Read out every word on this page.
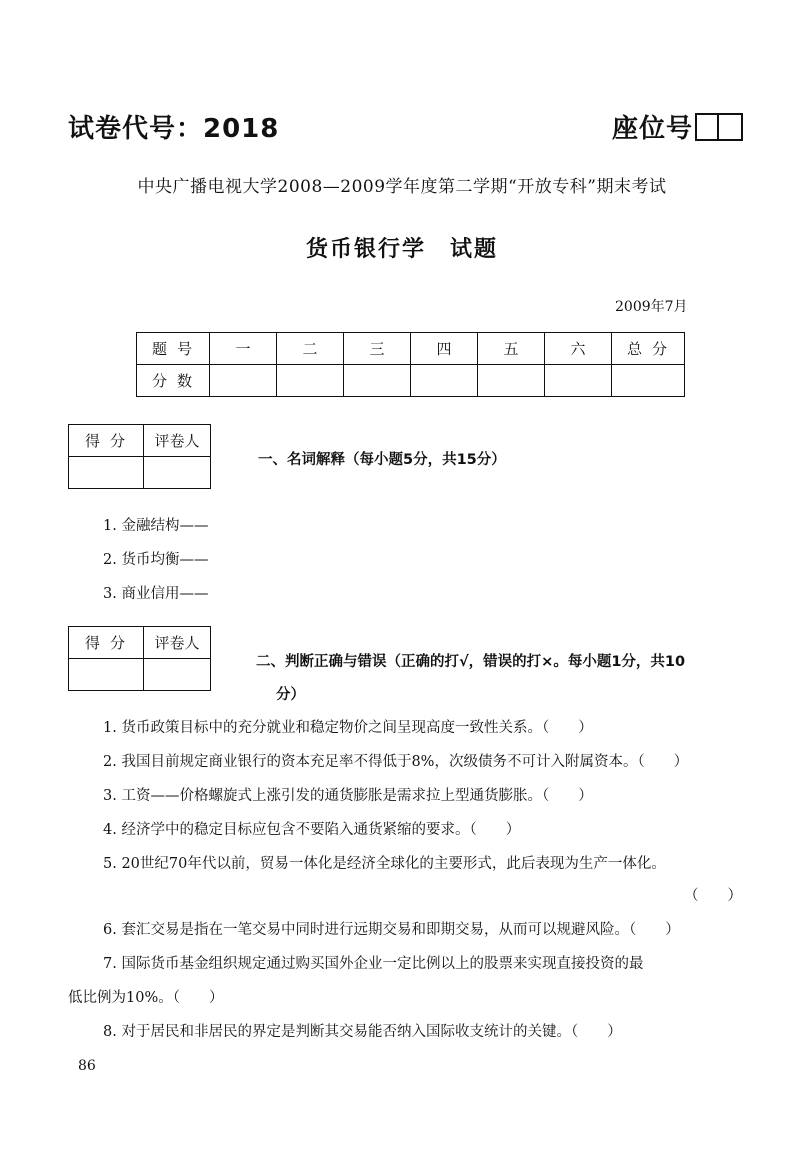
试卷代号：2018	座位号
中央广播电视大学2008—2009学年度第二学期“开放专科”期末考试
货币银行学　试题
2009年7月
题号	一	二	三	四	五	六	总分
分数							
得分	评卷人

一、名词解释（每小题5分，共15分）
1. 金融结构——
2. 货币均衡——
3. 商业信用——
得分	评卷人

二、判断正确与错误（正确的打√，错误的打×。每小题1分，共10
分）
1. 货币政策目标中的充分就业和稳定物价之间呈现高度一致性关系。（　　）
2. 我国目前规定商业银行的资本充足率不得低于8%，次级债务不可计入附属资本。（　　）
3. 工资——价格螺旋式上涨引发的通货膨胀是需求拉上型通货膨胀。（　　）
4. 经济学中的稳定目标应包含不要陷入通货紧缩的要求。（　　）
5. 20世纪70年代以前，贸易一体化是经济全球化的主要形式，此后表现为生产一体化。
（　　）
6. 套汇交易是指在一笔交易中同时进行远期交易和即期交易，从而可以规避风险。（　　）
7. 国际货币基金组织规定通过购买国外企业一定比例以上的股票来实现直接投资的最
低比例为10%。（　　）
8. 对于居民和非居民的界定是判断其交易能否纳入国际收支统计的关键。（　　）
86
